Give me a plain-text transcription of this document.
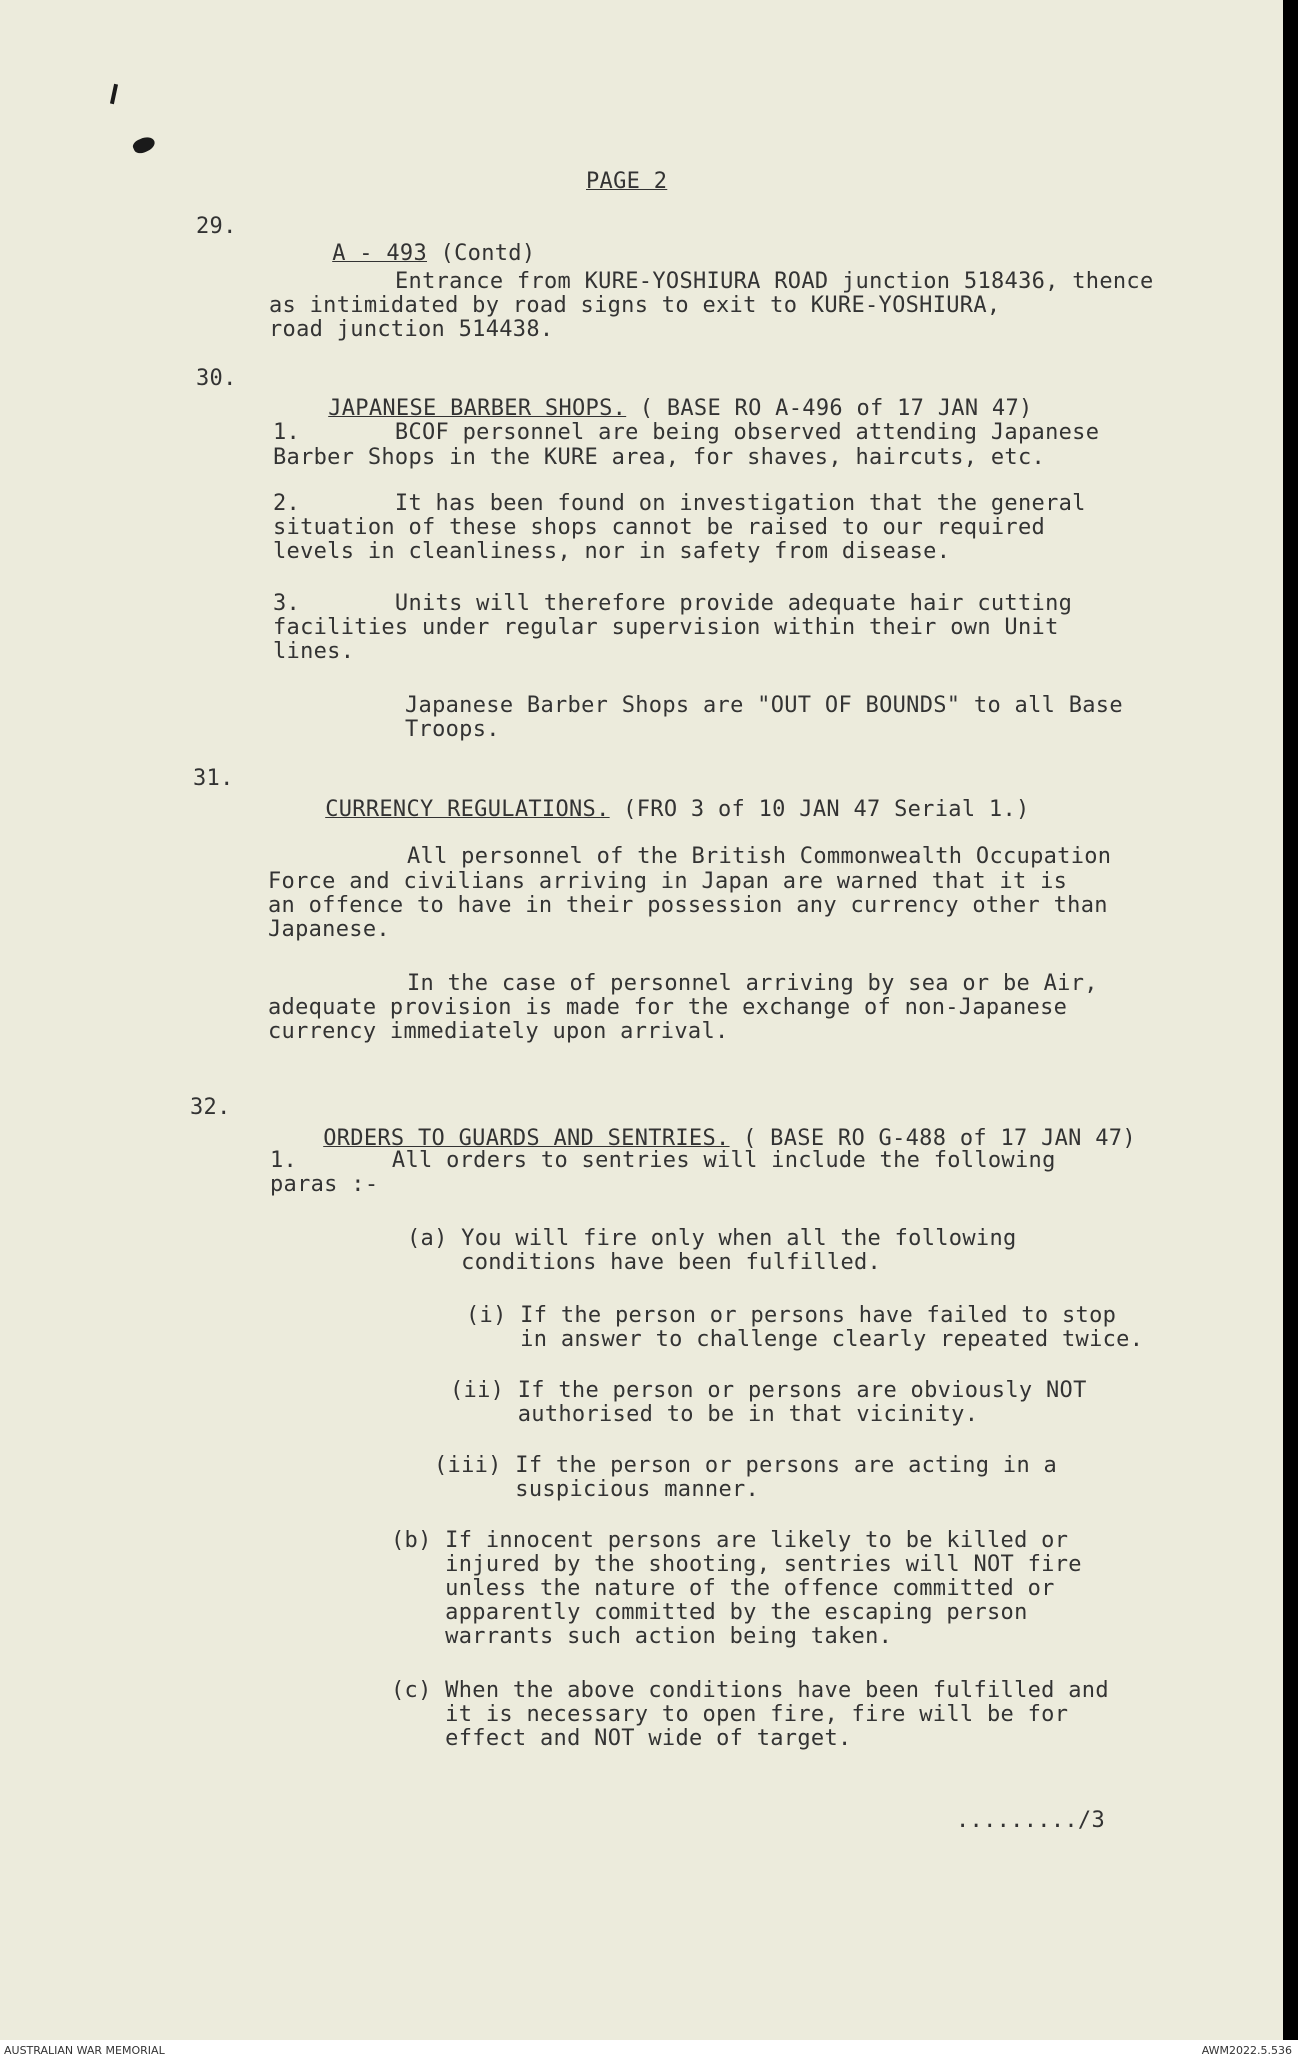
PAGE 2
29.

A - 493 (Contd)

Entrance from KURE-YOSHIURA ROAD junction 518436, thence
as intimidated by road signs to exit to KURE-YOSHIURA,
road junction 514438.
30.

JAPANESE BARBER SHOPS. ( BASE RO A-496 of 17 JAN 47)

1.       BCOF personnel are being observed attending Japanese
Barber Shops in the KURE area, for shaves, haircuts, etc.
2.       It has been found on investigation that the general
situation of these shops cannot be raised to our required
levels in cleanliness, nor in safety from disease.
3.       Units will therefore provide adequate hair cutting
facilities under regular supervision within their own Unit
lines.
Japanese Barber Shops are "OUT OF BOUNDS" to all Base
Troops.
31.

CURRENCY REGULATIONS. (FRO 3 of 10 JAN 47 Serial 1.)

All personnel of the British Commonwealth Occupation
Force and civilians arriving in Japan are warned that it is
an offence to have in their possession any currency other than
Japanese.
In the case of personnel arriving by sea or be Air,
adequate provision is made for the exchange of non-Japanese
currency immediately upon arrival.
32.

ORDERS TO GUARDS AND SENTRIES. ( BASE RO G-488 of 17 JAN 47)

1.       All orders to sentries will include the following
paras :-
(a) You will fire only when all the following
conditions have been fulfilled.
(i) If the person or persons have failed to stop
in answer to challenge clearly repeated twice.
(ii) If the person or persons are obviously NOT
authorised to be in that vicinity.
(iii) If the person or persons are acting in a
suspicious manner.
(b) If innocent persons are likely to be killed or
injured by the shooting, sentries will NOT fire
unless the nature of the offence committed or
apparently committed by the escaping person
warrants such action being taken.
(c) When the above conditions have been fulfilled and
it is necessary to open fire, fire will be for
effect and NOT wide of target.
........./3
AUSTRALIAN WAR MEMORIAL	AWM2022.5.536
